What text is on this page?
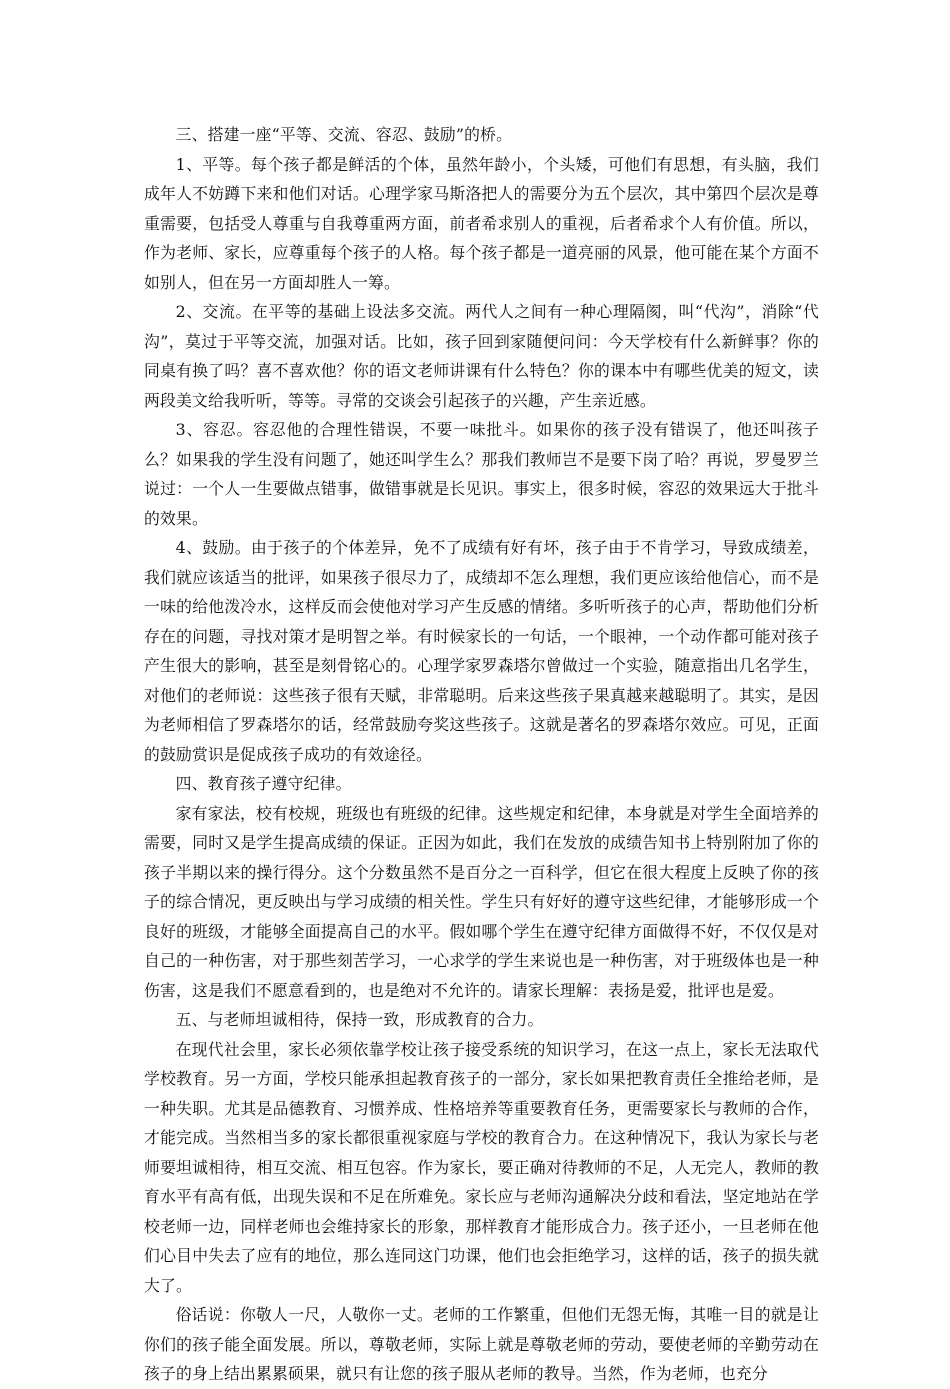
三、搭建一座“平等、交流、容忍、鼓励”的桥。

1、平等。每个孩子都是鲜活的个体，虽然年龄小，个头矮，可他们有思想，有头脑，我们成年人不妨蹲下来和他们对话。心理学家马斯洛把人的需要分为五个层次，其中第四个层次是尊重需要，包括受人尊重与自我尊重两方面，前者希求别人的重视，后者希求个人有价值。所以，作为老师、家长，应尊重每个孩子的人格。每个孩子都是一道亮丽的风景，他可能在某个方面不如别人，但在另一方面却胜人一筹。

2、交流。在平等的基础上设法多交流。两代人之间有一种心理隔阂，叫“代沟”，消除“代沟”，莫过于平等交流，加强对话。比如，孩子回到家随便问问：今天学校有什么新鲜事？你的同桌有换了吗？喜不喜欢他？你的语文老师讲课有什么特色？你的课本中有哪些优美的短文，读两段美文给我听听，等等。寻常的交谈会引起孩子的兴趣，产生亲近感。

3、容忍。容忍他的合理性错误，不要一味批斗。如果你的孩子没有错误了，他还叫孩子么？如果我的学生没有问题了，她还叫学生么？那我们教师岂不是要下岗了哈？再说，罗曼罗兰说过：一个人一生要做点错事，做错事就是长见识。事实上，很多时候，容忍的效果远大于批斗的效果。

4、鼓励。由于孩子的个体差异，免不了成绩有好有坏，孩子由于不肯学习，导致成绩差，我们就应该适当的批评，如果孩子很尽力了，成绩却不怎么理想，我们更应该给他信心，而不是一味的给他泼冷水，这样反而会使他对学习产生反感的情绪。多听听孩子的心声，帮助他们分析存在的问题，寻找对策才是明智之举。有时候家长的一句话，一个眼神，一个动作都可能对孩子产生很大的影响，甚至是刻骨铭心的。心理学家罗森塔尔曾做过一个实验，随意指出几名学生，对他们的老师说：这些孩子很有天赋，非常聪明。后来这些孩子果真越来越聪明了。其实，是因为老师相信了罗森塔尔的话，经常鼓励夸奖这些孩子。这就是著名的罗森塔尔效应。可见，正面的鼓励赏识是促成孩子成功的有效途径。

四、教育孩子遵守纪律。

家有家法，校有校规，班级也有班级的纪律。这些规定和纪律，本身就是对学生全面培养的需要，同时又是学生提高成绩的保证。正因为如此，我们在发放的成绩告知书上特别附加了你的孩子半期以来的操行得分。这个分数虽然不是百分之一百科学，但它在很大程度上反映了你的孩子的综合情况，更反映出与学习成绩的相关性。学生只有好好的遵守这些纪律，才能够形成一个良好的班级，才能够全面提高自己的水平。假如哪个学生在遵守纪律方面做得不好，不仅仅是对自己的一种伤害，对于那些刻苦学习，一心求学的学生来说也是一种伤害，对于班级体也是一种伤害，这是我们不愿意看到的，也是绝对不允许的。请家长理解：表扬是爱，批评也是爱。

五、与老师坦诚相待，保持一致，形成教育的合力。

在现代社会里，家长必须依靠学校让孩子接受系统的知识学习，在这一点上，家长无法取代学校教育。另一方面，学校只能承担起教育孩子的一部分，家长如果把教育责任全推给老师，是一种失职。尤其是品德教育、习惯养成、性格培养等重要教育任务，更需要家长与教师的合作，才能完成。当然相当多的家长都很重视家庭与学校的教育合力。在这种情况下，我认为家长与老师要坦诚相待，相互交流、相互包容。作为家长，要正确对待教师的不足，人无完人，教师的教育水平有高有低，出现失误和不足在所难免。家长应与老师沟通解决分歧和看法，坚定地站在学校老师一边，同样老师也会维持家长的形象，那样教育才能形成合力。孩子还小，一旦老师在他们心目中失去了应有的地位，那么连同这门功课，他们也会拒绝学习，这样的话，孩子的损失就大了。

俗话说：你敬人一尺，人敬你一丈。老师的工作繁重，但他们无怨无悔，其唯一目的就是让你们的孩子能全面发展。所以，尊敬老师，实际上就是尊敬老师的劳动，要使老师的辛勤劳动在孩子的身上结出累累硕果，就只有让您的孩子服从老师的教导。当然，作为老师，也充分
